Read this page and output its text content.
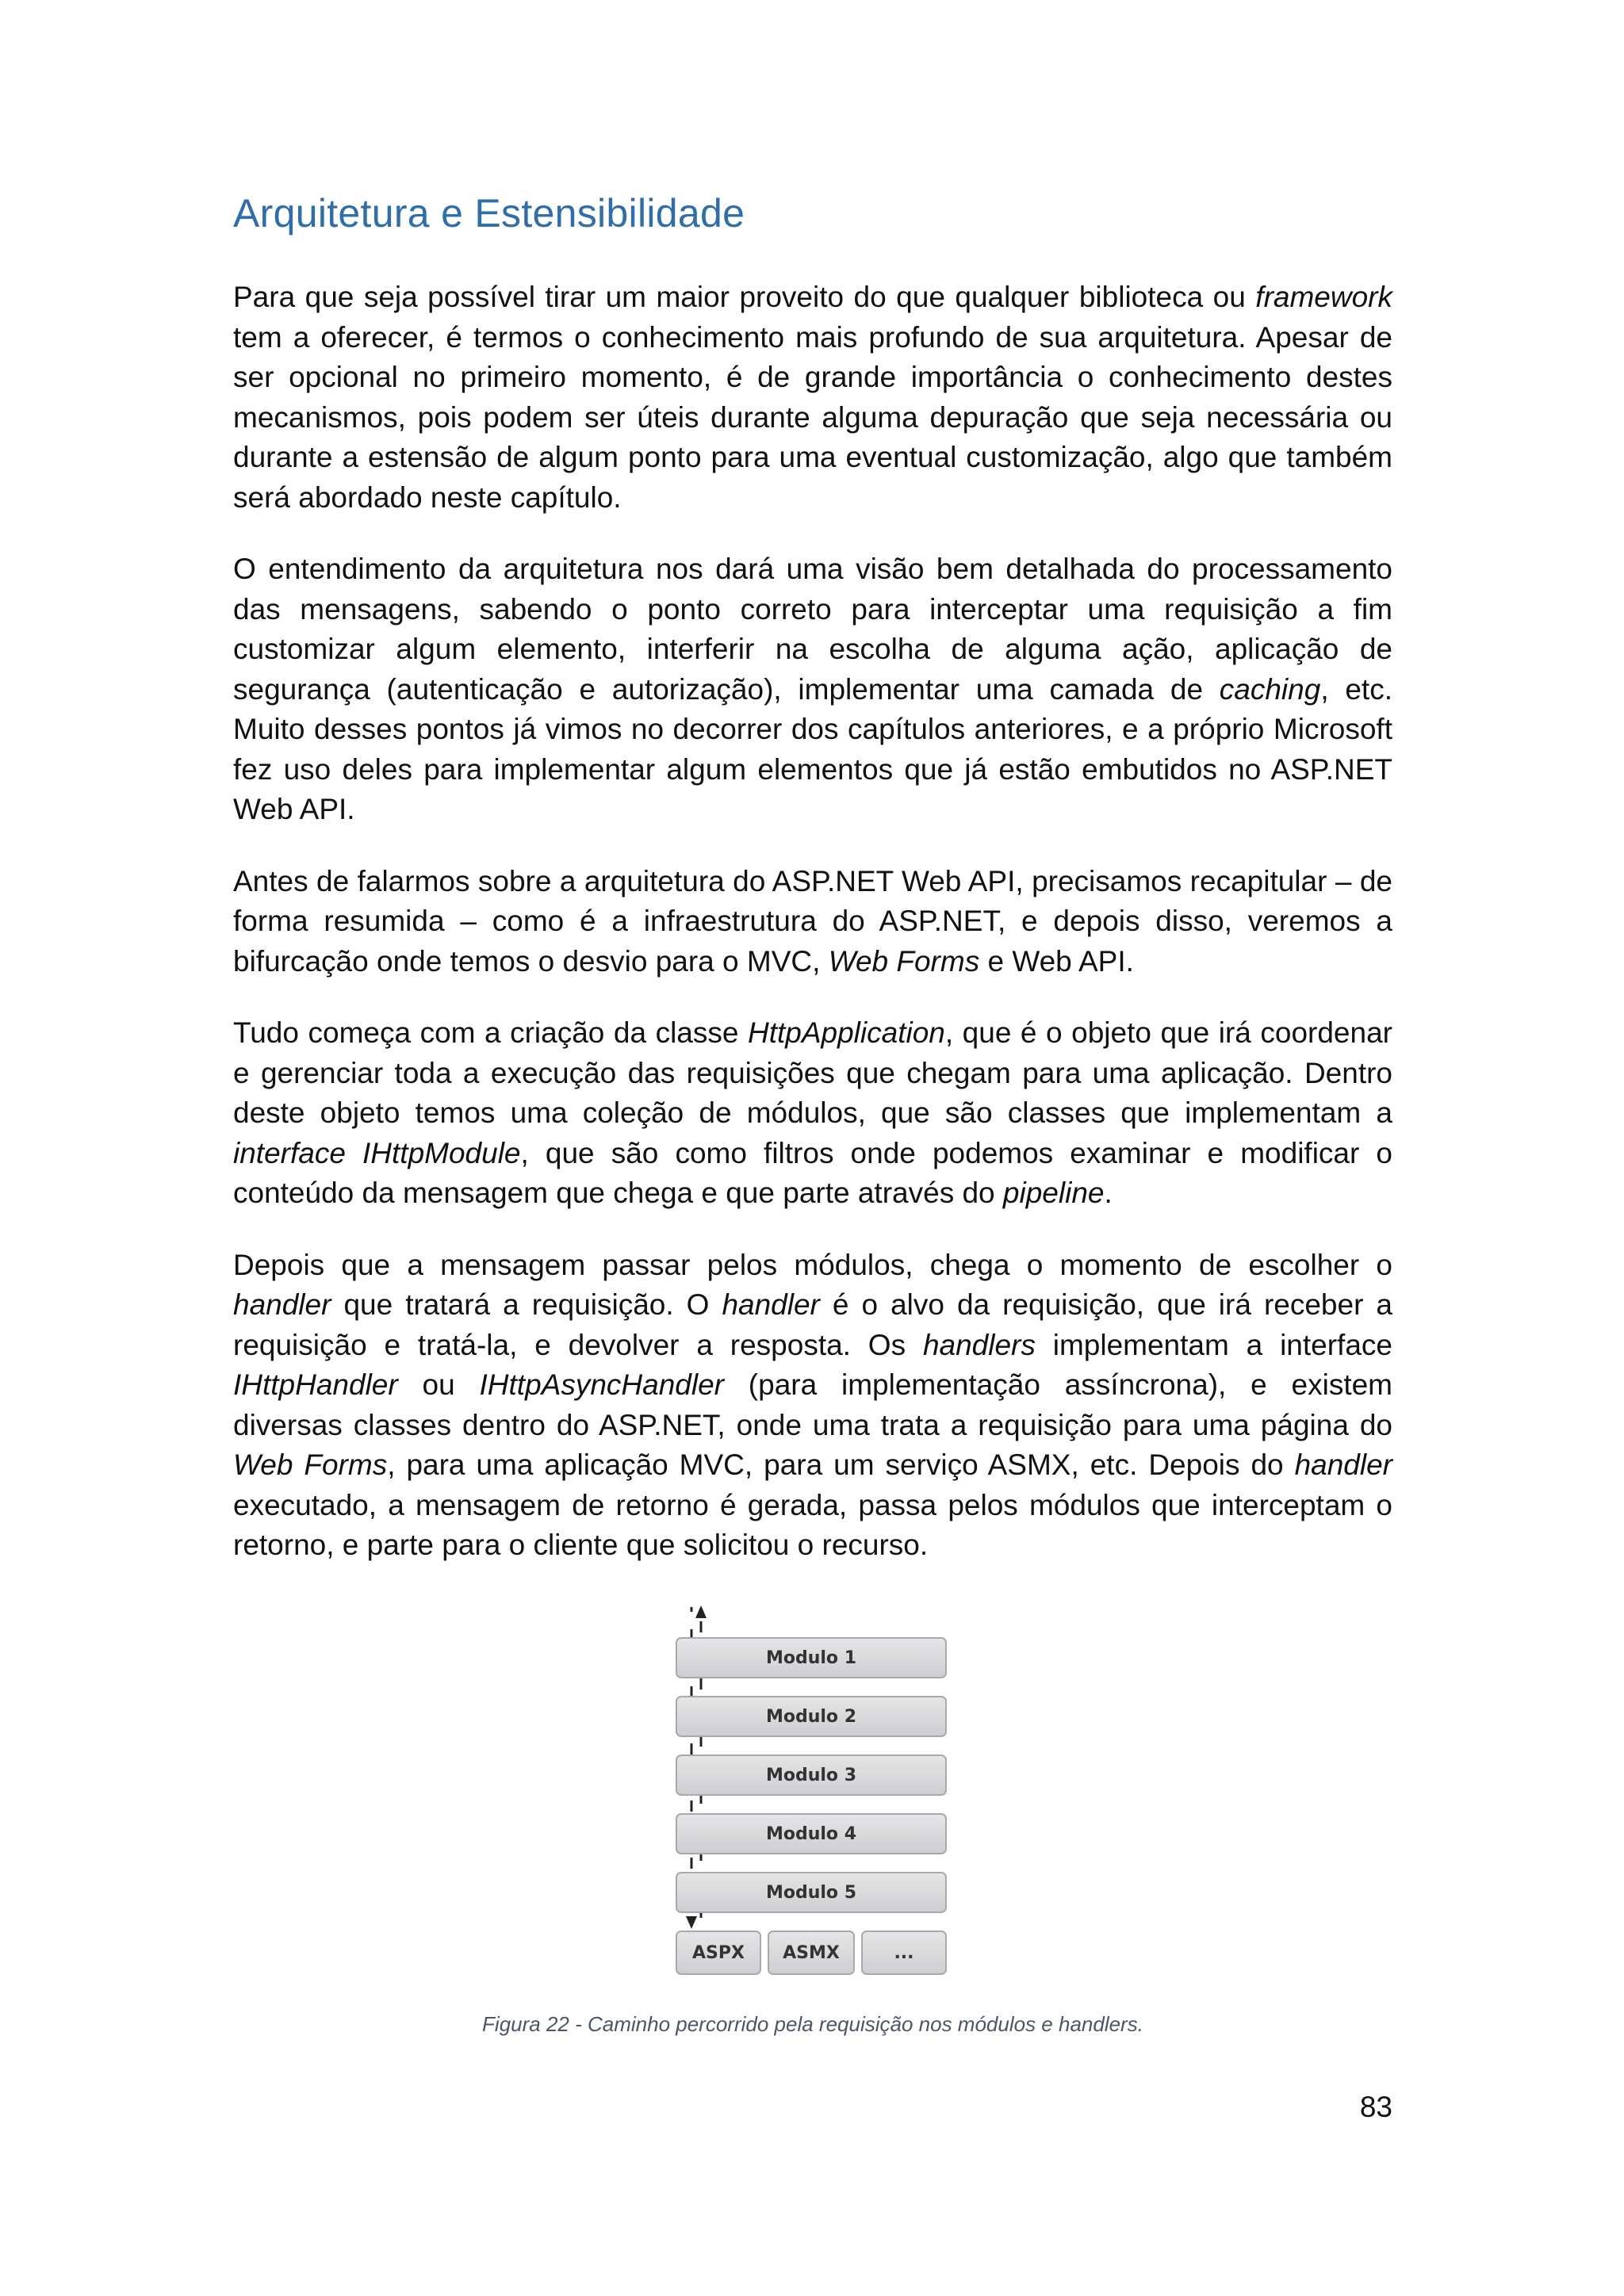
Arquitetura e Estensibilidade

Para que seja possível tirar um maior proveito do que qualquer biblioteca ou framework tem a oferecer, é termos o conhecimento mais profundo de sua arquitetura. Apesar de ser opcional no primeiro momento, é de grande importância o conhecimento destes mecanismos, pois podem ser úteis durante alguma depuração que seja necessária ou durante a estensão de algum ponto para uma eventual customização, algo que também será abordado neste capítulo.

O entendimento da arquitetura nos dará uma visão bem detalhada do processamento das mensagens, sabendo o ponto correto para interceptar uma requisição a fim customizar algum elemento, interferir na escolha de alguma ação, aplicação de segurança (autenticação e autorização), implementar uma camada de caching, etc. Muito desses pontos já vimos no decorrer dos capítulos anteriores, e a próprio Microsoft fez uso deles para implementar algum elementos que já estão embutidos no ASP.NET Web API.

Antes de falarmos sobre a arquitetura do ASP.NET Web API, precisamos recapitular – de forma resumida – como é a infraestrutura do ASP.NET, e depois disso, veremos a bifurcação onde temos o desvio para o MVC, Web Forms e Web API.

Tudo começa com a criação da classe HttpApplication, que é o objeto que irá coordenar e gerenciar toda a execução das requisições que chegam para uma aplicação. Dentro deste objeto temos uma coleção de módulos, que são classes que implementam a interface IHttpModule, que são como filtros onde podemos examinar e modificar o conteúdo da mensagem que chega e que parte através do pipeline.

Depois que a mensagem passar pelos módulos, chega o momento de escolher o handler que tratará a requisição. O handler é o alvo da requisição, que irá receber a requisição e tratá-la, e devolver a resposta. Os handlers implementam a interface IHttpHandler ou IHttpAsyncHandler (para implementação assíncrona), e existem diversas classes dentro do ASP.NET, onde uma trata a requisição para uma página do Web Forms, para uma aplicação MVC, para um serviço ASMX, etc. Depois do handler executado, a mensagem de retorno é gerada, passa pelos módulos que interceptam o retorno, e parte para o cliente que solicitou o recurso.

Modulo 1
Modulo 2
Modulo 3
Modulo 4
Modulo 5
ASPX	ASMX	...

Figura 22 - Caminho percorrido pela requisição nos módulos e handlers.

83
